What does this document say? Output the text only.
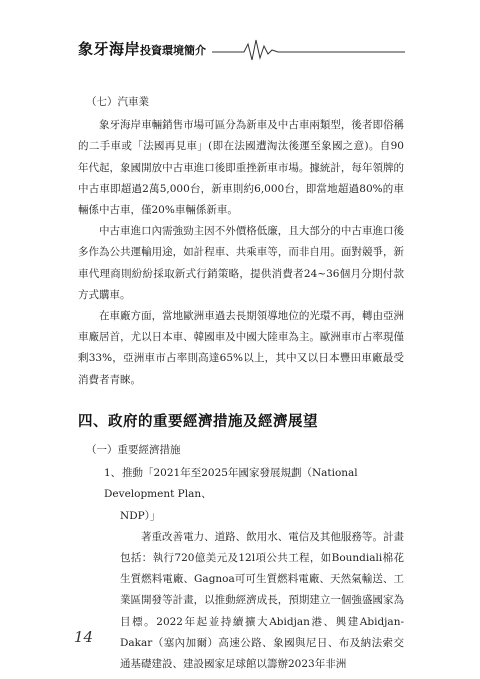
象牙海岸投資環境簡介

（七）汽車業

象牙海岸車輛銷售市場可區分為新車及中古車兩類型，後者即俗稱的二手車或「法國再見車」(即在法國遭淘汰後運至象國之意)。自90年代起，象國開放中古車進口後即重挫新車市場。據統計，每年領牌的中古車即超過2萬5,000台，新車則約6,000台，即當地超過80%的車輛係中古車，僅20%車輛係新車。

中古車進口內需強勁主因不外價格低廉，且大部分的中古車進口後多作為公共運輸用途，如計程車、共乘車等，而非自用。面對競爭，新車代理商則紛紛採取新式行銷策略，提供消費者24~36個月分期付款方式購車。

在車廠方面，當地歐洲車過去長期領導地位的光環不再，轉由亞洲車廠居首，尤以日本車、韓國車及中國大陸車為主。歐洲車市占率現僅剩33%，亞洲車市占率則高達65%以上，其中又以日本豐田車廠最受消費者青睞。

四、政府的重要經濟措施及經濟展望

（一）重要經濟措施

1、推動「2021年至2025年國家發展規劃（National Development Plan、

NDP）」

著重改善電力、道路、飲用水、電信及其他服務等。計畫包括：執行720億美元及12l項公共工程，如Boundiali棉花生質燃料電廠、Gagnoa可可生質燃料電廠、天然氣輸送、工業區開發等計畫，以推動經濟成長，預期建立一個強盛國家為目標。2022年起並持續擴大Abidjan港、興建Abidjan-Dakar（塞內加爾）高速公路、象國與尼日、布及納法索交通基礎建設、建設國家足球館以籌辦2023年非洲

14
